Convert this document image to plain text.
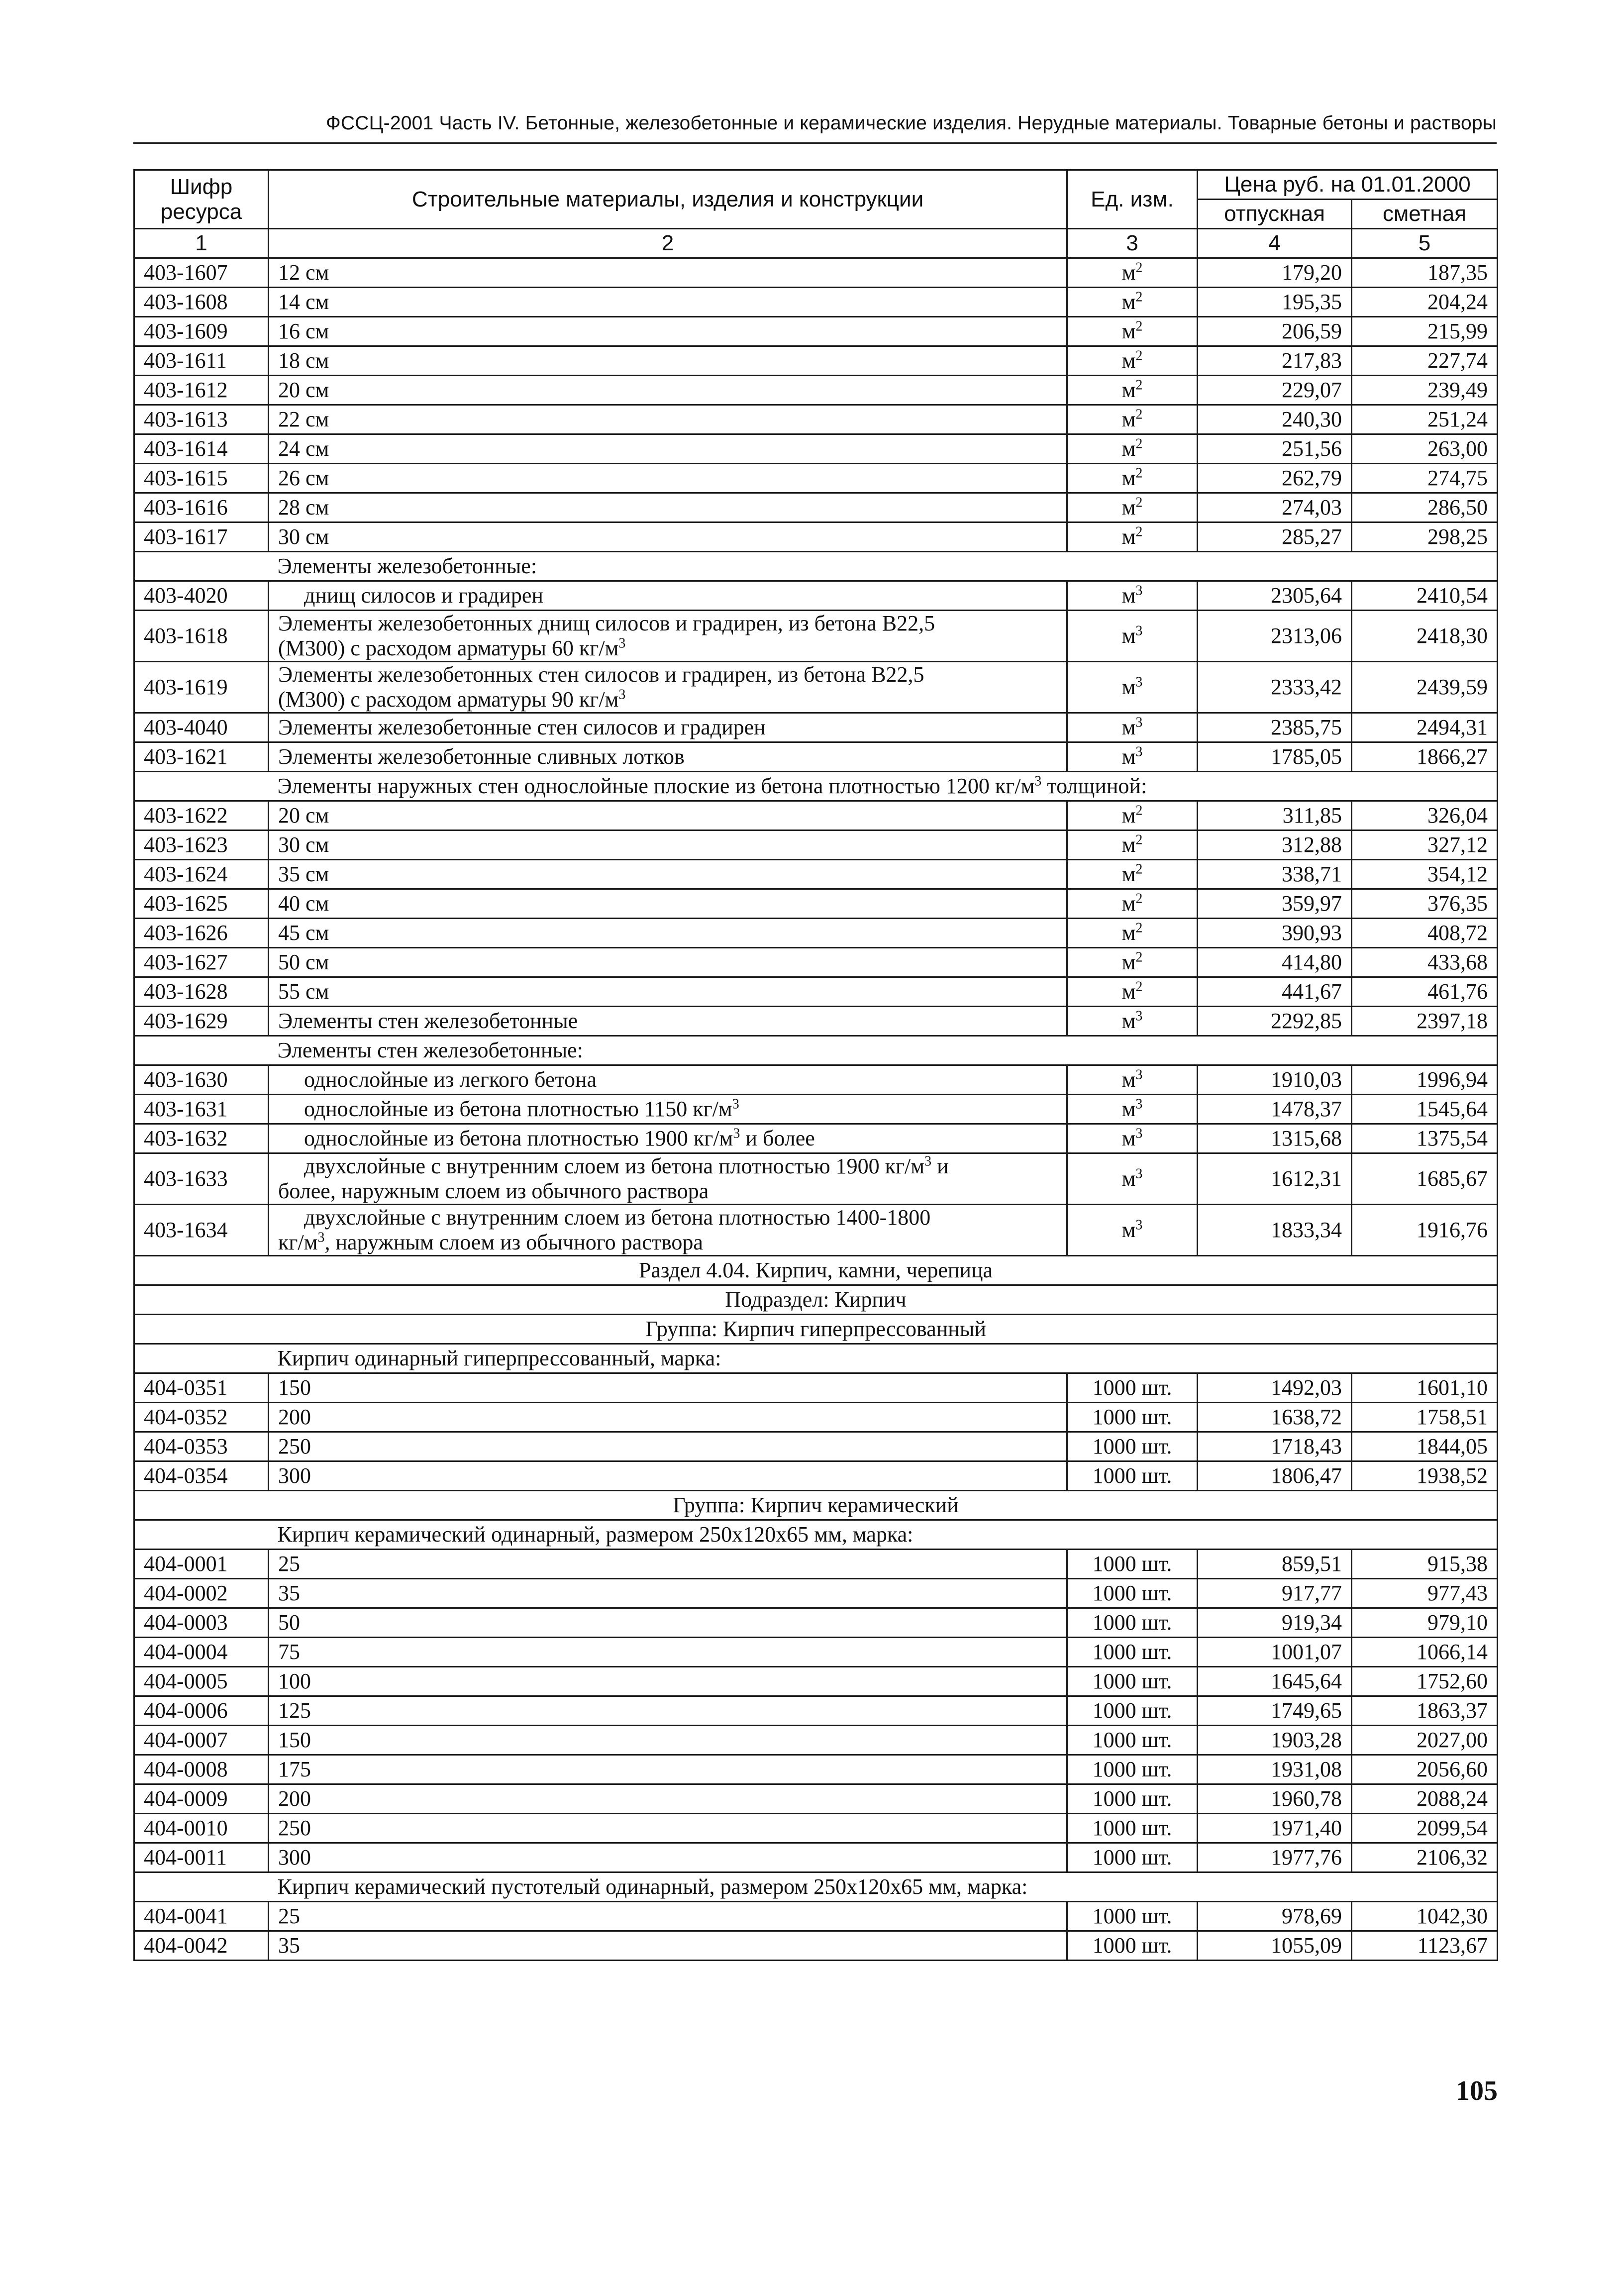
ФССЦ-2001 Часть IV. Бетонные, железобетонные и керамические изделия. Нерудные материалы. Товарные бетоны и растворы
Шифр ресурса	Строительные материалы, изделия и конструкции	Ед. изм.	Цена руб. на 01.01.2000	
			отпускная	сметная
1	2	3	4	5
403-1607	12 см	$м^2$	179,20	187,35
403-1608	14 см	$м^2$	195,35	204,24
403-1609	16 см	$м^2$	206,59	215,99
403-1611	18 см	$м^2$	217,83	227,74
403-1612	20 см	$м^2$	229,07	239,49
403-1613	22 см	$м^2$	240,30	251,24
403-1614	24 см	$м^2$	251,56	263,00
403-1615	26 см	$м^2$	262,79	274,75
403-1616	28 см	$м^2$	274,03	286,50
403-1617	30 см	$м^2$	285,27	298,25
	Элементы железобетонные:			
403-4020	днищ силосов и градирен	$м^3$	2305,64	2410,54
403-1618	Элементы железобетонных днищ силосов и градирен, из бетона В22,5
(М300) с расходом арматуры 60 $кг/м^3$	$м^3$	2313,06	2418,30
403-1619	Элементы железобетонных стен силосов и градирен, из бетона В22,5
(М300) с расходом арматуры 90 $кг/м^3$	$м^3$	2333,42	2439,59
403-4040	Элементы железобетонные стен силосов и градирен	$м^3$	2385,75	2494,31
403-1621	Элементы железобетонные сливных лотков	$м^3$	1785,05	1866,27
	Элементы наружных стен однослойные плоские из бетона плотностью 1200 $кг/м^3$ толщиной:			
403-1622	20 см	$м^2$	311,85	326,04
403-1623	30 см	$м^2$	312,88	327,12
403-1624	35 см	$м^2$	338,71	354,12
403-1625	40 см	$м^2$	359,97	376,35
403-1626	45 см	$м^2$	390,93	408,72
403-1627	50 см	$м^2$	414,80	433,68
403-1628	55 см	$м^2$	441,67	461,76
403-1629	Элементы стен железобетонные	$м^3$	2292,85	2397,18
	Элементы стен железобетонные:			
403-1630	однослойные из легкого бетона	$м^3$	1910,03	1996,94
403-1631	однослойные из бетона плотностью 1150 $кг/м^3$	$м^3$	1478,37	1545,64
403-1632	однослойные из бетона плотностью 1900 $кг/м^3$ и более	$м^3$	1315,68	1375,54
403-1633	двухслойные с внутренним слоем из бетона плотностью 1900 $кг/м^3$ и
более, наружным слоем из обычного раствора	$м^3$	1612,31	1685,67
403-1634	двухслойные с внутренним слоем из бетона плотностью 1400-1800
$кг/м^3$, наружным слоем из обычного раствора	$м^3$	1833,34	1916,76
Раздел 4.04. Кирпич, камни, черепица				
Подраздел: Кирпич				
Группа: Кирпич гиперпрессованный				
	Кирпич одинарный гиперпрессованный, марка:			
404-0351	150	1000 шт.	1492,03	1601,10
404-0352	200	1000 шт.	1638,72	1758,51
404-0353	250	1000 шт.	1718,43	1844,05
404-0354	300	1000 шт.	1806,47	1938,52
Группа: Кирпич керамический				
	Кирпич керамический одинарный, размером 250х120х65 мм, марка:			
404-0001	25	1000 шт.	859,51	915,38
404-0002	35	1000 шт.	917,77	977,43
404-0003	50	1000 шт.	919,34	979,10
404-0004	75	1000 шт.	1001,07	1066,14
404-0005	100	1000 шт.	1645,64	1752,60
404-0006	125	1000 шт.	1749,65	1863,37
404-0007	150	1000 шт.	1903,28	2027,00
404-0008	175	1000 шт.	1931,08	2056,60
404-0009	200	1000 шт.	1960,78	2088,24
404-0010	250	1000 шт.	1971,40	2099,54
404-0011	300	1000 шт.	1977,76	2106,32
	Кирпич керамический пустотелый одинарный, размером 250х120х65 мм, марка:			
404-0041	25	1000 шт.	978,69	1042,30
404-0042	35	1000 шт.	1055,09	1123,67
105
